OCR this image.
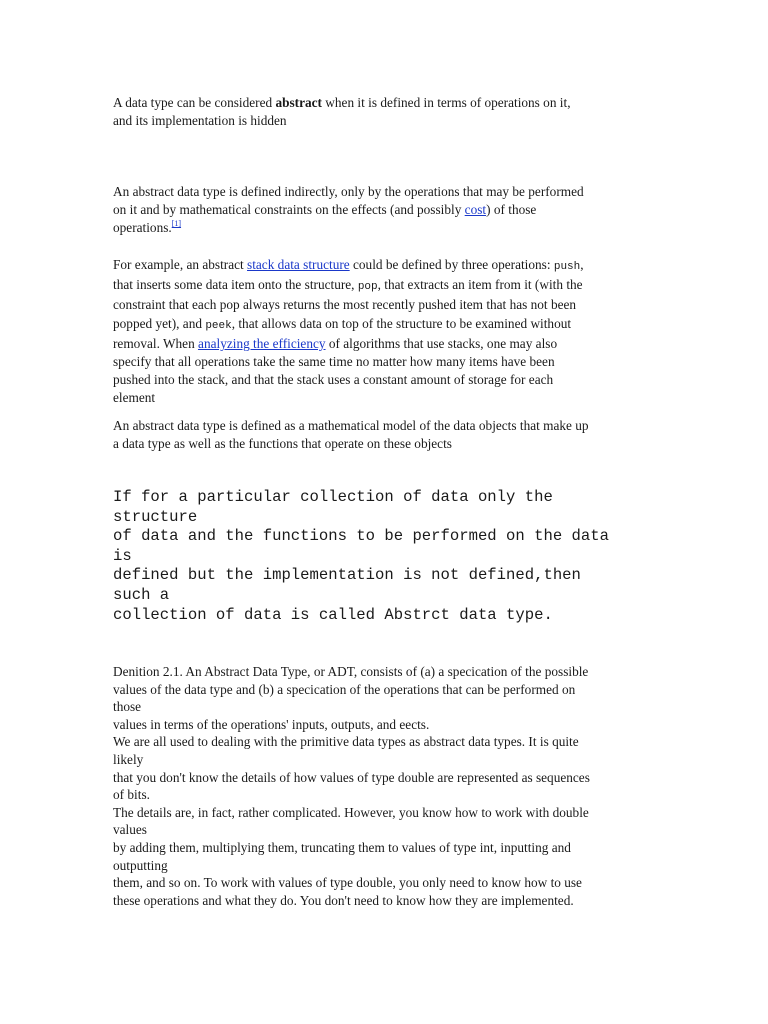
A data type can be considered abstract when it is defined in terms of operations on it,
and its implementation is hidden

An abstract data type is defined indirectly, only by the operations that may be performed
on it and by mathematical constraints on the effects (and possibly cost) of those
operations.[1]

For example, an abstract stack data structure could be defined by three operations: push,
that inserts some data item onto the structure, pop, that extracts an item from it (with the
constraint that each pop always returns the most recently pushed item that has not been
popped yet), and peek, that allows data on top of the structure to be examined without
removal. When analyzing the efficiency of algorithms that use stacks, one may also
specify that all operations take the same time no matter how many items have been
pushed into the stack, and that the stack uses a constant amount of storage for each
element

An abstract data type is defined as a mathematical model of the data objects that make up
a data type as well as the functions that operate on these objects

If for a particular collection of data only the
structure
of data and the functions to be performed on the data
is
defined but the implementation is not defined,then
such a
collection of data is called Abstrct data type.

Denition 2.1. An Abstract Data Type, or ADT, consists of (a) a specication of the possible
values of the data type and (b) a specication of the operations that can be performed on
those
values in terms of the operations' inputs, outputs, and eects.
We are all used to dealing with the primitive data types as abstract data types. It is quite
likely
that you don't know the details of how values of type double are represented as sequences
of bits.
The details are, in fact, rather complicated. However, you know how to work with double
values
by adding them, multiplying them, truncating them to values of type int, inputting and
outputting
them, and so on. To work with values of type double, you only need to know how to use
these operations and what they do. You don't need to know how they are implemented.
